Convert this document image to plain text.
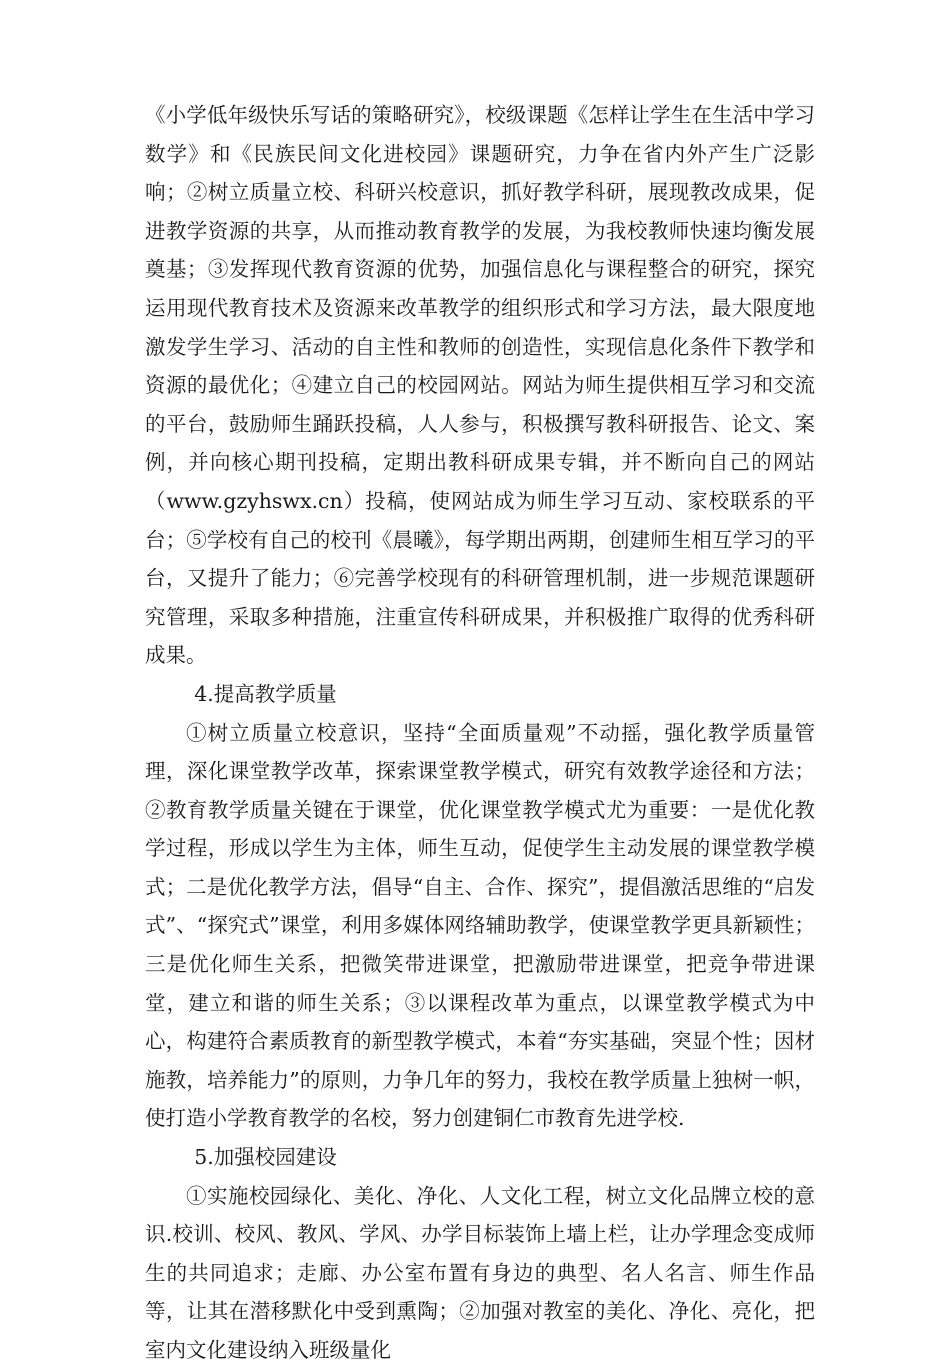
《小学低年级快乐写话的策略研究》，校级课题《怎样让学生在生活中学习数学》和《民族民间文化进校园》课题研究，力争在省内外产生广泛影响；②树立质量立校、科研兴校意识，抓好教学科研，展现教改成果，促进教学资源的共享，从而推动教育教学的发展，为我校教师快速均衡发展奠基；③发挥现代教育资源的优势，加强信息化与课程整合的研究，探究运用现代教育技术及资源来改革教学的组织形式和学习方法，最大限度地激发学生学习、活动的自主性和教师的创造性，实现信息化条件下教学和资源的最优化；④建立自己的校园网站。网站为师生提供相互学习和交流的平台，鼓励师生踊跃投稿，人人参与，积极撰写教科研报告、论文、案例，并向核心期刊投稿，定期出教科研成果专辑，并不断向自己的网站（www.gzyhswx.cn）投稿，使网站成为师生学习互动、家校联系的平台；⑤学校有自己的校刊《晨曦》，每学期出两期，创建师生相互学习的平台，又提升了能力；⑥完善学校现有的科研管理机制，进一步规范课题研究管理，采取多种措施，注重宣传科研成果，并积极推广取得的优秀科研成果。

4.提高教学质量

①树立质量立校意识，坚持“全面质量观”不动摇，强化教学质量管理，深化课堂教学改革，探索课堂教学模式，研究有效教学途径和方法；②教育教学质量关键在于课堂，优化课堂教学模式尤为重要：一是优化教学过程，形成以学生为主体，师生互动，促使学生主动发展的课堂教学模式；二是优化教学方法，倡导“自主、合作、探究”，提倡激活思维的“启发式”、“探究式”课堂，利用多媒体网络辅助教学，使课堂教学更具新颖性；三是优化师生关系，把微笑带进课堂，把激励带进课堂，把竞争带进课堂，建立和谐的师生关系；③以课程改革为重点，以课堂教学模式为中心，构建符合素质教育的新型教学模式，本着“夯实基础，突显个性；因材施教，培养能力”的原则，力争几年的努力，我校在教学质量上独树一帜，使打造小学教育教学的名校，努力创建铜仁市教育先进学校.

5.加强校园建设

①实施校园绿化、美化、净化、人文化工程，树立文化品牌立校的意识.校训、校风、教风、学风、办学目标装饰上墙上栏，让办学理念变成师生的共同追求；走廊、办公室布置有身边的典型、名人名言、师生作品等，让其在潜移默化中受到熏陶；②加强对教室的美化、净化、亮化，把室内文化建设纳入班级量化
